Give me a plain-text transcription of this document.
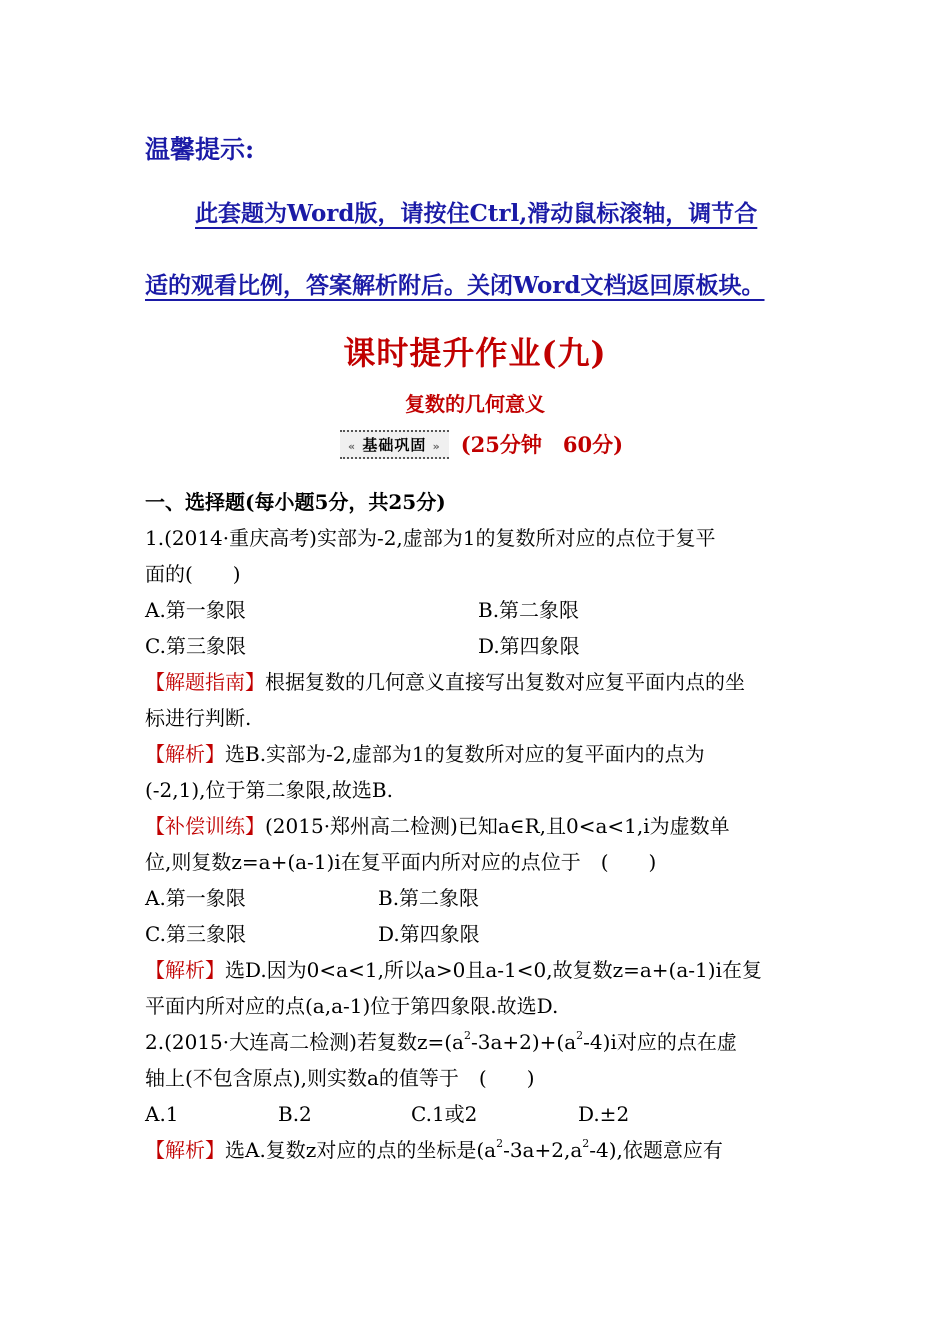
温馨提示:

此套题为Word版，请按住Ctrl,滑动鼠标滚轴，调节合

适的观看比例，答案解析附后。关闭Word文档返回原板块。

课时提升作业(九)
复数的几何意义
« 基础巩固 » (25分钟　60分)

一、选择题(每小题5分，共25分)

1.(2014·重庆高考)实部为-2,虚部为1的复数所对应的点位于复平

面的(　　)

A.第一象限	B.第二象限
C.第三象限	D.第四象限

【解题指南】根据复数的几何意义直接写出复数对应复平面内点的坐

标进行判断.

【解析】选B.实部为-2,虚部为1的复数所对应的复平面内的点为

(-2,1),位于第二象限,故选B.

【补偿训练】(2015·郑州高二检测)已知a∈R,且0<a<1,i为虚数单

位,则复数z=a+(a-1)i在复平面内所对应的点位于　(　　)

A.第一象限	B.第二象限
C.第三象限	D.第四象限

【解析】选D.因为0<a<1,所以a>0且a-1<0,故复数z=a+(a-1)i在复

平面内所对应的点(a,a-1)位于第四象限.故选D.

2.(2015·大连高二检测)若复数$z=(a^2-3a+2)+(a^2-4)i$对应的点在虚

轴上(不包含原点),则实数a的值等于　(　　)

A.1	B.2	C.1或2	D.±2

【解析】选A.复数z对应的点的坐标是$(a^2-3a+2,a^2-4)$,依题意应有
